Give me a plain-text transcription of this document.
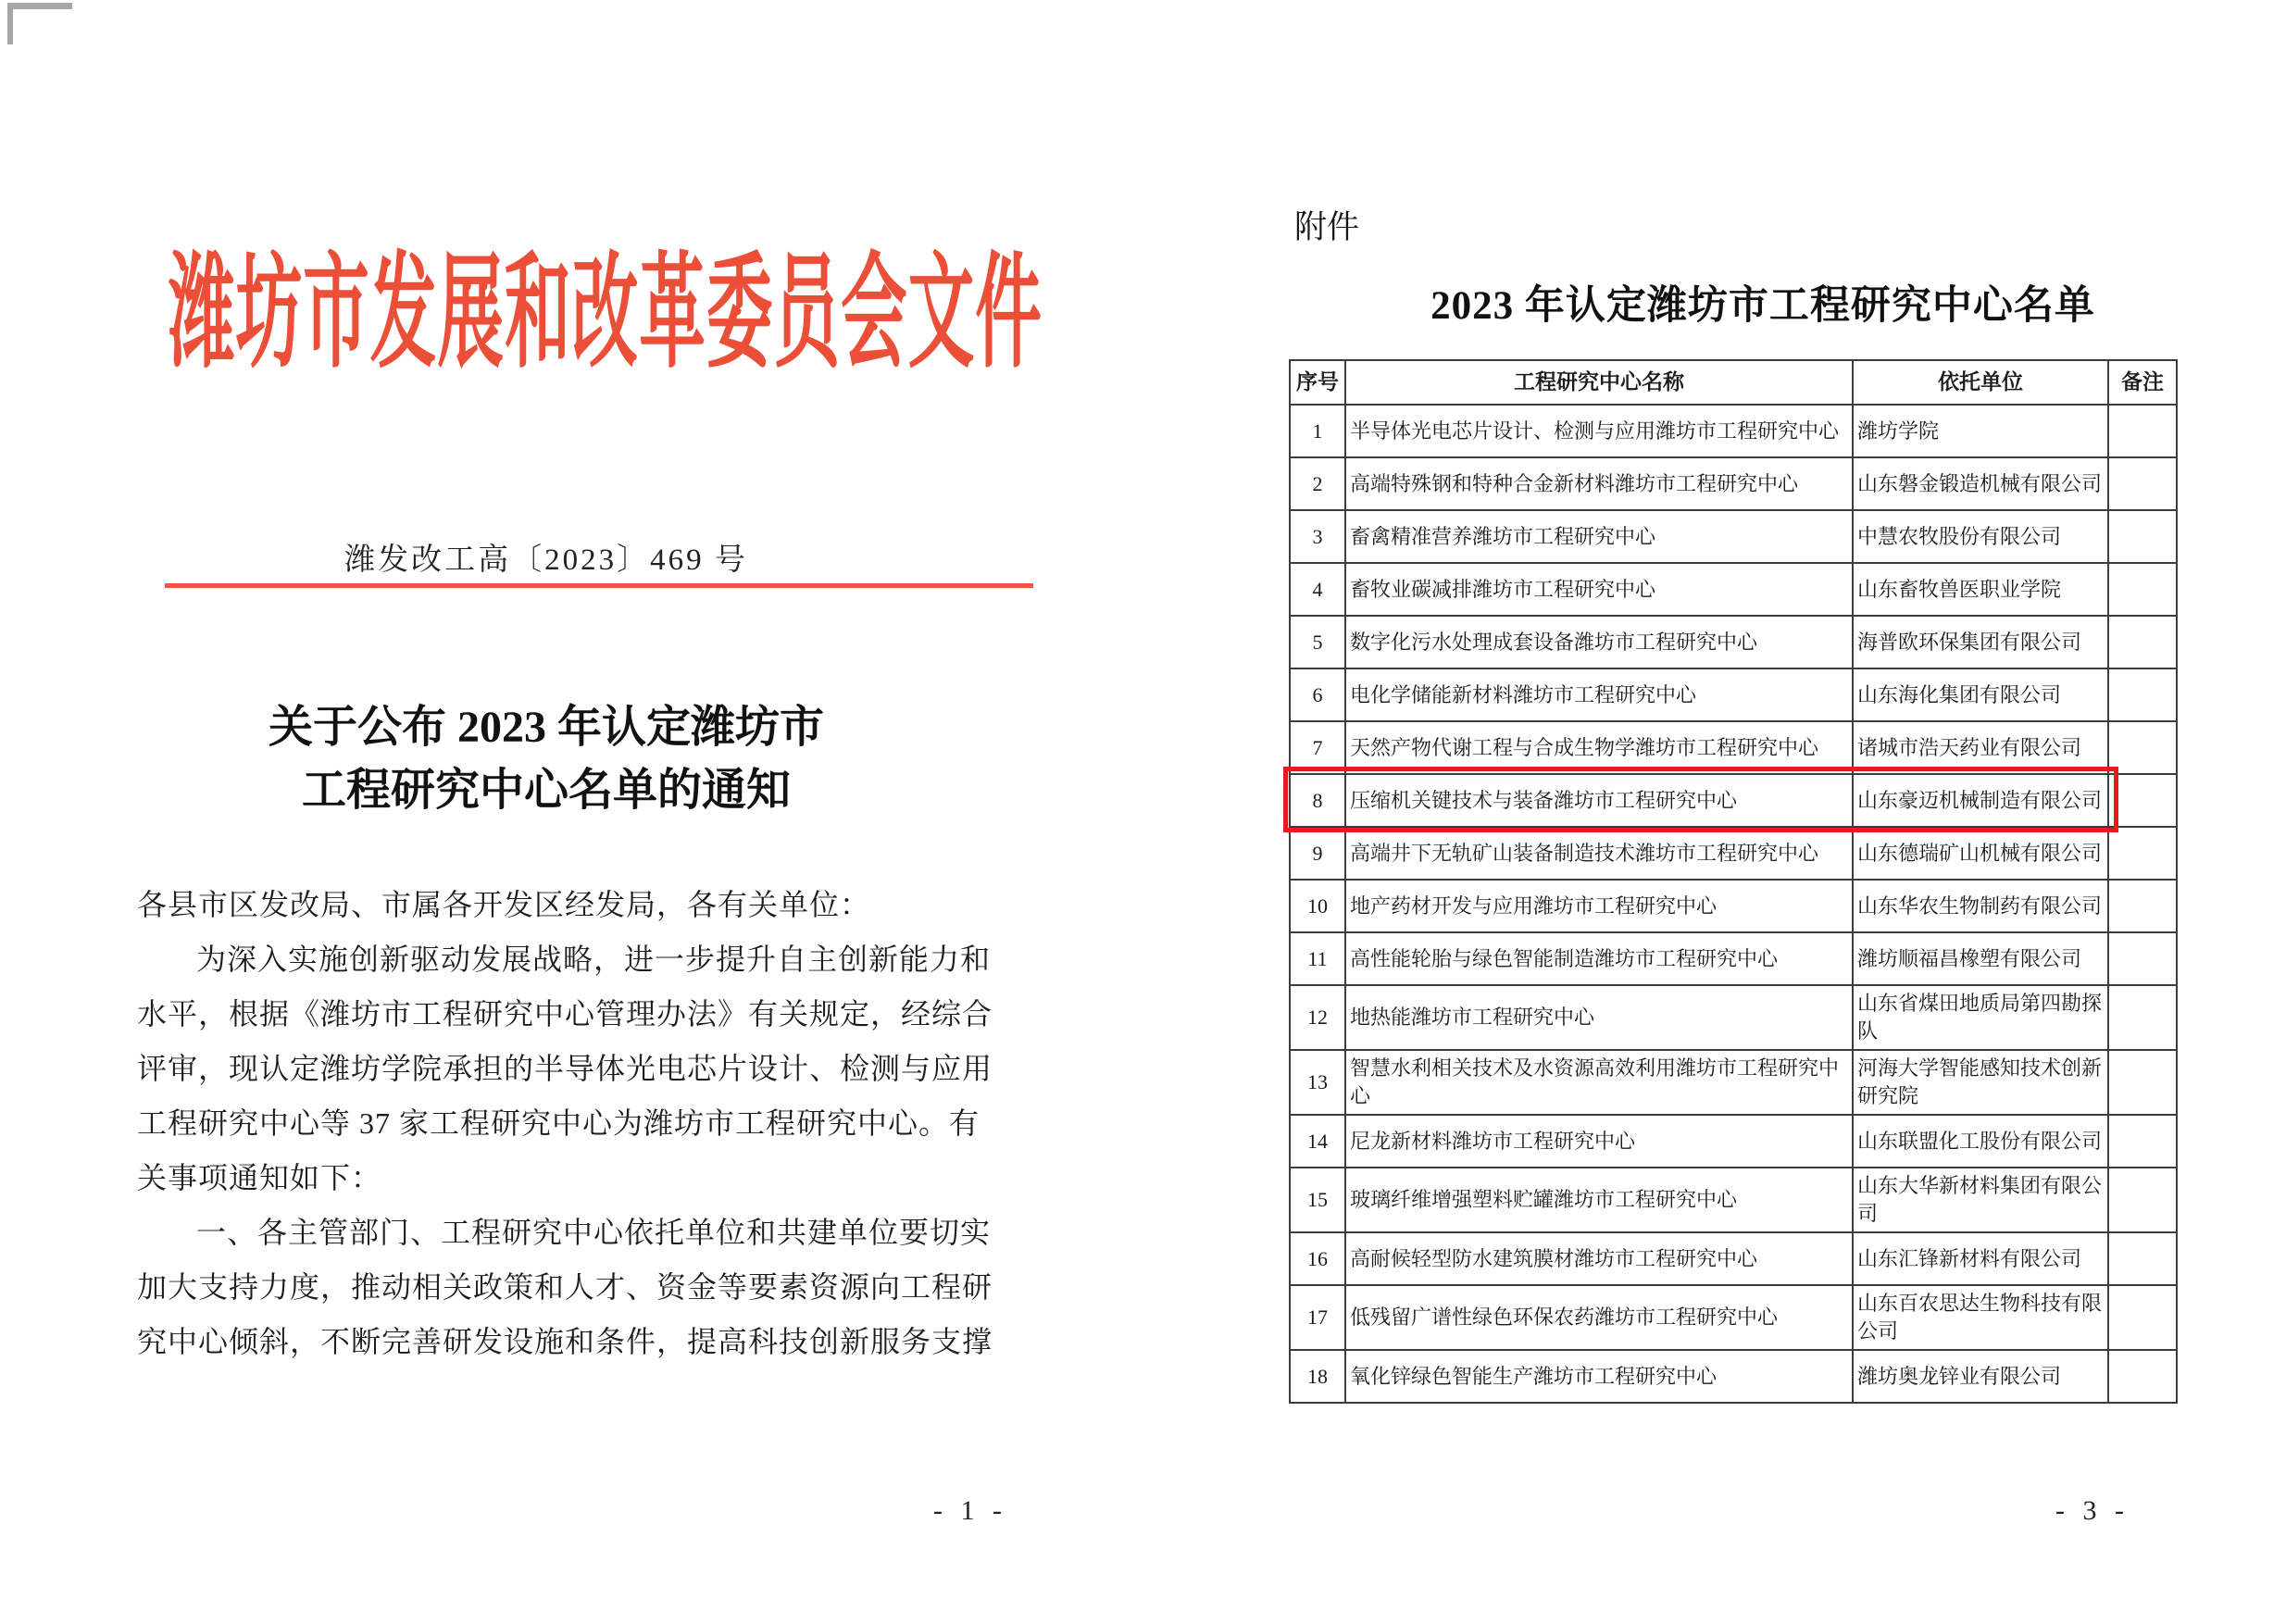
潍坊市发展和改革委员会文件
潍发改工高〔2023〕469 号
关于公布 2023 年认定潍坊市
工程研究中心名单的通知
各县市区发改局、市属各开发区经发局，各有关单位：
为深入实施创新驱动发展战略，进一步提升自主创新能力和
水平，根据《潍坊市工程研究中心管理办法》有关规定，经综合
评审，现认定潍坊学院承担的半导体光电芯片设计、检测与应用
工程研究中心等 37 家工程研究中心为潍坊市工程研究中心。有
关事项通知如下：
一、各主管部门、工程研究中心依托单位和共建单位要切实
加大支持力度，推动相关政策和人才、资金等要素资源向工程研
究中心倾斜，不断完善研发设施和条件，提高科技创新服务支撑
- 1 -
附件
2023 年认定潍坊市工程研究中心名单
序号	工程研究中心名称	依托单位	备注
1	半导体光电芯片设计、检测与应用潍坊市工程研究中心	潍坊学院	
2	高端特殊钢和特种合金新材料潍坊市工程研究中心	山东磐金锻造机械有限公司	
3	畜禽精准营养潍坊市工程研究中心	中慧农牧股份有限公司	
4	畜牧业碳减排潍坊市工程研究中心	山东畜牧兽医职业学院	
5	数字化污水处理成套设备潍坊市工程研究中心	海普欧环保集团有限公司	
6	电化学储能新材料潍坊市工程研究中心	山东海化集团有限公司	
7	天然产物代谢工程与合成生物学潍坊市工程研究中心	诸城市浩天药业有限公司	
8	压缩机关键技术与装备潍坊市工程研究中心	山东豪迈机械制造有限公司	
9	高端井下无轨矿山装备制造技术潍坊市工程研究中心	山东德瑞矿山机械有限公司	
10	地产药材开发与应用潍坊市工程研究中心	山东华农生物制药有限公司	
11	高性能轮胎与绿色智能制造潍坊市工程研究中心	潍坊顺福昌橡塑有限公司	
12	地热能潍坊市工程研究中心	山东省煤田地质局第四勘探队	
13	智慧水利相关技术及水资源高效利用潍坊市工程研究中心	河海大学智能感知技术创新研究院	
14	尼龙新材料潍坊市工程研究中心	山东联盟化工股份有限公司	
15	玻璃纤维增强塑料贮罐潍坊市工程研究中心	山东大华新材料集团有限公司	
16	高耐候轻型防水建筑膜材潍坊市工程研究中心	山东汇锋新材料有限公司	
17	低残留广谱性绿色环保农药潍坊市工程研究中心	山东百农思达生物科技有限公司	
18	氧化锌绿色智能生产潍坊市工程研究中心	潍坊奥龙锌业有限公司	
- 3 -
